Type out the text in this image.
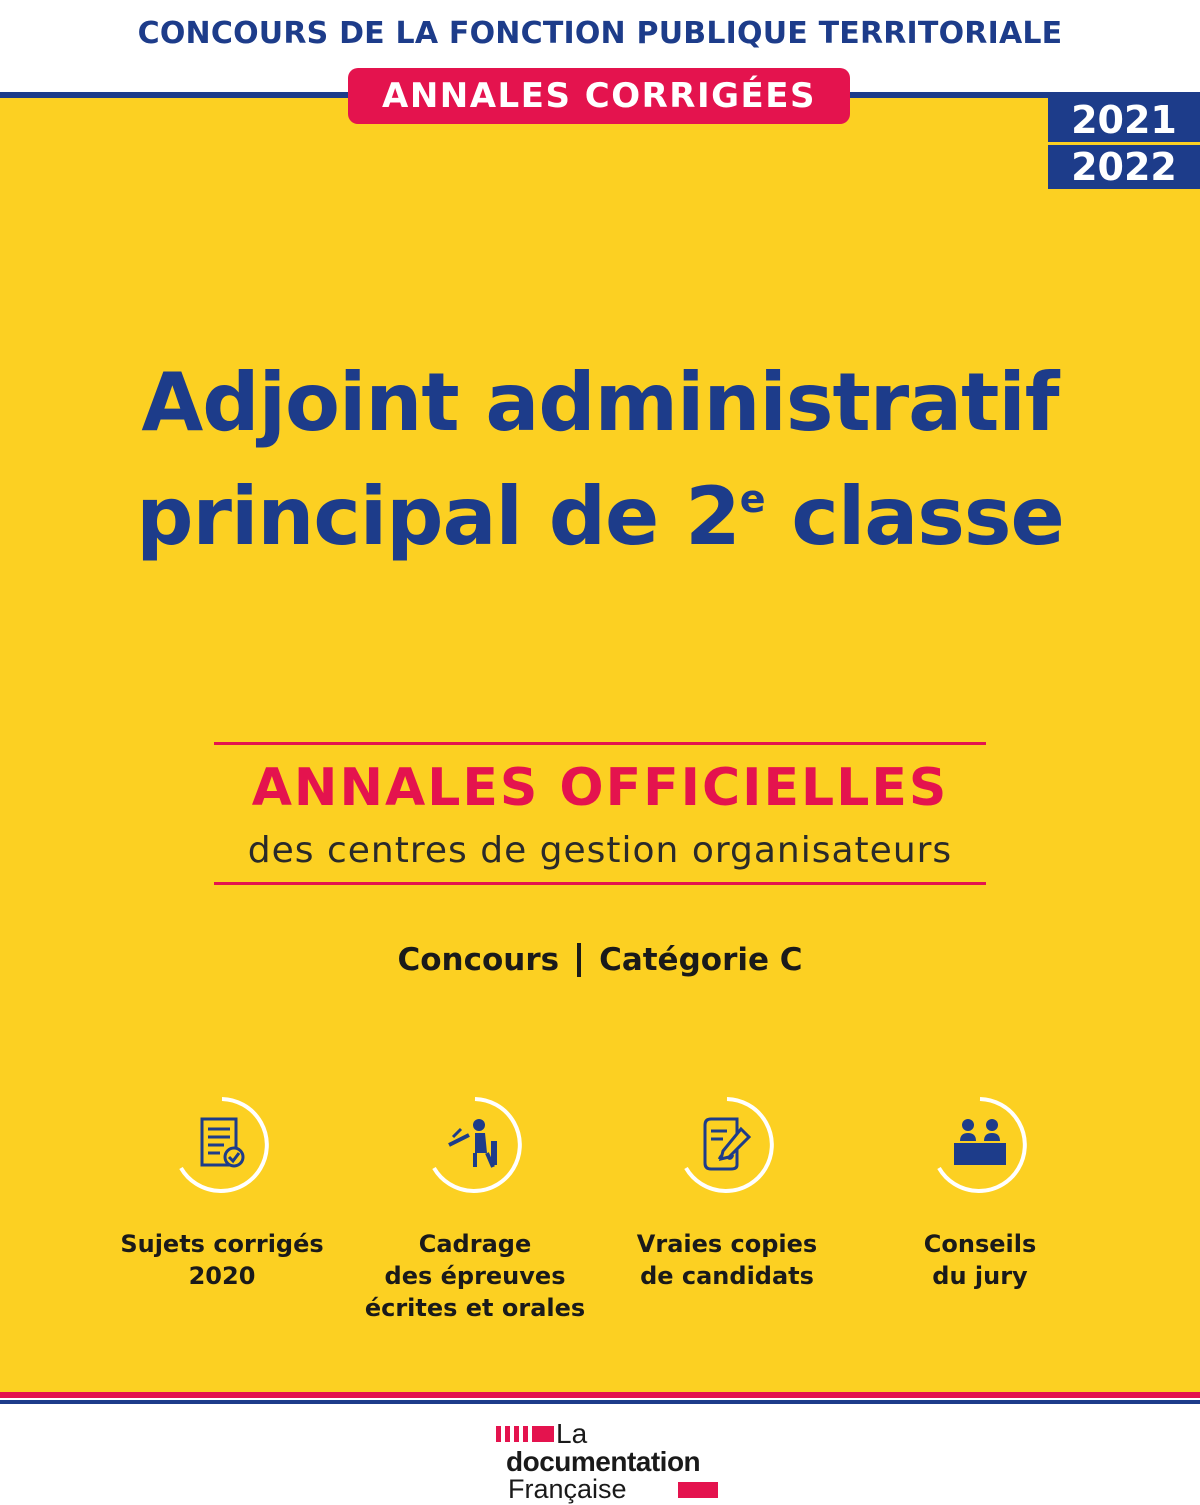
CONCOURS DE LA FONCTION PUBLIQUE TERRITORIALE
ANNALES CORRIGÉES
2021
2022
Adjoint administratif
principal de 2e classe
ANNALES OFFICIELLES
des centres de gestion organisateurs
Concours Catégorie C
Sujets corrigés
2020
Cadrage
des épreuves
écrites et orales
Vraies copies
de candidats
Conseils
du jury
La
documentation
Française
